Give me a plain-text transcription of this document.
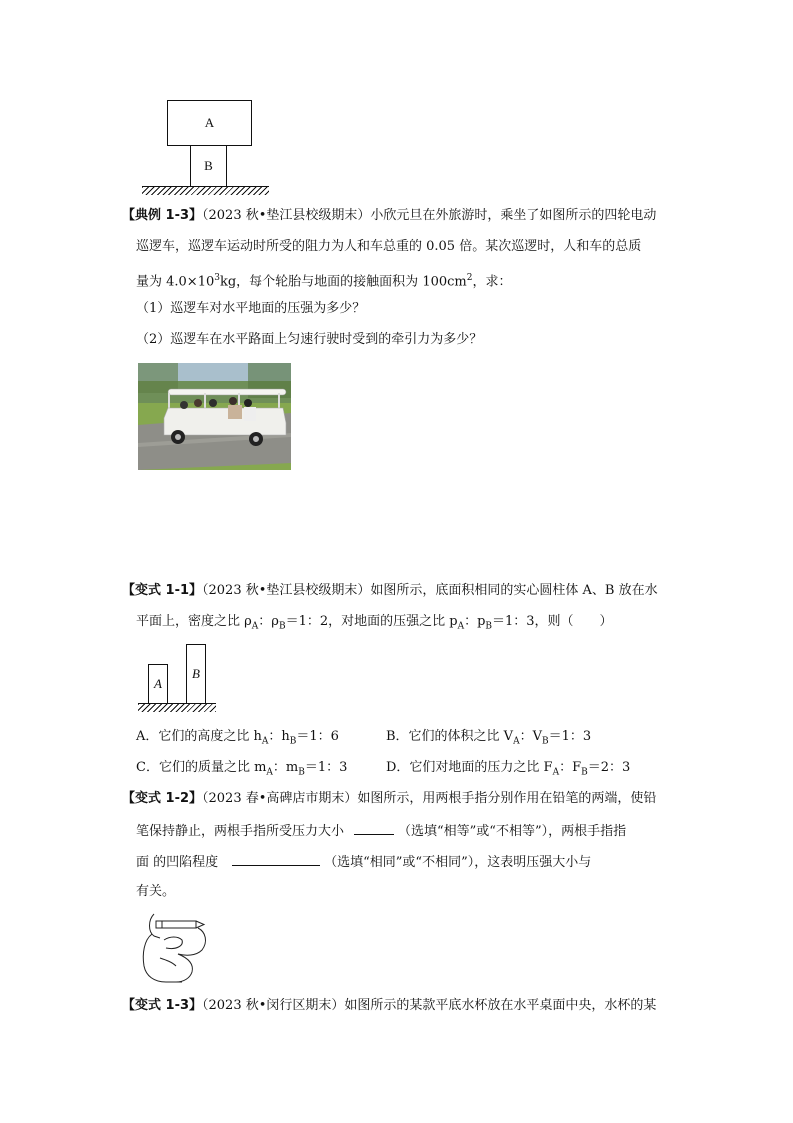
A
B
【典例 1-3】（2023 秋•垫江县校级期末）小欣元旦在外旅游时，乘坐了如图所示的四轮电动
巡逻车，巡逻车运动时所受的阻力为人和车总重的 0.05 倍。某次巡逻时，人和车的总质
量为 $4.0\times 10^3kg$，每个轮胎与地面的接触面积为 $100cm^2$，求：
（1）巡逻车对水平地面的压强为多少？
（2）巡逻车在水平路面上匀速行驶时受到的牵引力为多少？
【变式 1-1】（2023 秋•垫江县校级期末）如图所示，底面积相同的实心圆柱体 A、B 放在水
平面上，密度之比 $\rho_A$：$\rho_B=1$：2，对地面的压强之比 $p_A$：$p_B=1$：3，则（　　）
A
B
A．它们的高度之比 $h_A$：$h_B=1$：6	B．它们的体积之比 $V_A$：$V_B=1$：3
C．它们的质量之比 $m_A$：$m_B=1$：3	D．它们对地面的压力之比 $F_A$：$F_B=2$：3
【变式 1-2】（2023 春•高碑店市期末）如图所示，用两根手指分别作用在铅笔的两端，使铅
笔保持静止，两根手指所受压力大小	（选填“相等”或“不相等”），两根手指指
面 的凹陷程度	（选填“相同”或“不相同”），这表明压强大小与
有关。
【变式 1-3】（2023 秋•闵行区期末）如图所示的某款平底水杯放在水平桌面中央，水杯的某
